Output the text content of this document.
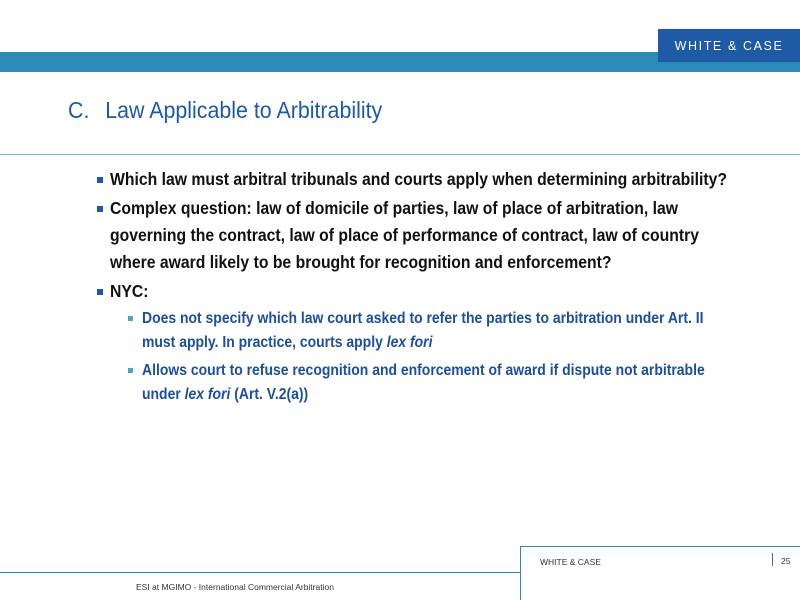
WHITE & CASE
C. Law Applicable to Arbitrability
Which law must arbitral tribunals and courts apply when determining arbitrability?
Complex question: law of domicile of parties, law of place of arbitration, law governing the contract, law of place of performance of contract, law of country where award likely to be brought for recognition and enforcement?
NYC:
Does not specify which law court asked to refer the parties to arbitration under Art. II must apply. In practice, courts apply lex fori
Allows court to refuse recognition and enforcement of award if dispute not arbitrable under lex fori (Art. V.2(a))
WHITE & CASE	25
ESI at MGIMO - International Commercial Arbitration
